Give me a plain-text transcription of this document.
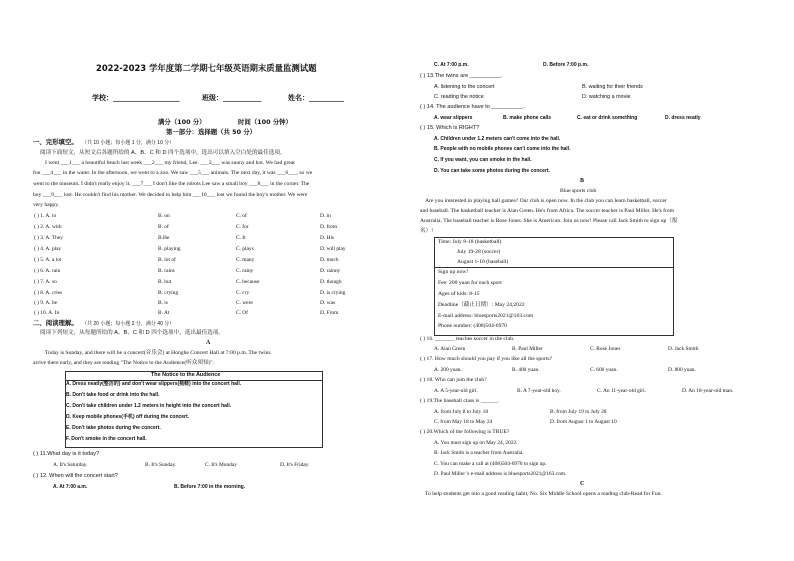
2022-2023 学年度第二学期七年级英语期末质量监测试题
学校：___________________	班级：___________	姓名：__________
满分（100 分）	时间（100 分钟）
第一部分：选择题（共 50 分）
一、完形填空。 （共 10 小题；每小题 1 分，满分 10 分）
阅读下面短文，从短文后各题所给的 A、B、C 和 D 四个选项中，选出可以填入空白处的最佳选项。
I went ___1___ a beautiful beach last week ___2___ my friend, Lee. ___3___ was sunny and hot. We had great
fun ___4___ in the water. In the afternoon, we went to a zoo. We saw ___5___ animals. The next day, it was ___6___, so we
went to the museum. I didn't really enjoy it, ___7___ I don't like the robots Lee saw a small boy ___8___ in the corner. The
boy ___9___ lost. He couldn't find his mother. We decided to help him ___10___ lost we found the boy's mother. We were
very happy.
( ) 1. A. to	B. on	C. of	D. in
( ) 2. A. with	B. of	C. for	D. from
( ) 3. A. They	B.He	C. It	D. His
( ) 4. A. play	B. playing	C. plays	D. will play
( ) 5. A. a lot	B. lot of	C. many	D. much
( ) 6. A. rain	B. rains	C. rainy	D. rainny
( ) 7. A. so	B. but	C. because	D. though
( ) 8. A. cries	B. crying	C. cry	D. is crying
( ) 9. A. be	B. is	C. were	D. was
( ) 10. A. In	B. At	C. Of	D. From
二、阅读理解。 （共 20 小题；每小题 2 分，满分 40 分）
阅读下列短文，从每题所给的 A、B、C 和 D 四个选项中，选出最佳选项。
A
Today is Sunday, and there will be a concert(音乐会) at Honghe Concert Hall at 7:00 p.m. The twins
arrive there early, and they are reading "The Notice to the Audience(听众须知)".
The Notice to the Audience
A. Dress neatly(整洁的) and don't wear slippers(拖鞋) into the concert hall.
B. Don't take food or drink into the hall.
C. Don't take children under 1.2 meters in height into the concert hall.
D. Keep mobile phones(手机) off during the concert.
E. Don't take photos during the concert.
F. Don't smoke in the concert hall.
( ) 11.What day is it today?
A. It's Saturday.	B. It's Sunday.	C. It's Monday	D. It's Friday.
( ) 12. When will the concert start?
A. At 7:00 a.m.	B. Before 7:00 in the morning.
C. At 7:00 p.m.	D. Before 7:00 p.m.
( ) 13.The twins are __________.
A. listening to the concert	B. waiting for their friends
C. reading the notice	D. watching a movie
( ) 14. The audience have to __________.
A. wear slippers	B. make phone calls	C. eat or drink something	D. dress neatly
( ) 15. Which is RIGHT?
A. Children under 1.2 meters can't come into the hall.
B. People with no mobile phones can't come into the hall.
C. If you want, you can smoke in the hall.
D. You can take some photos during the concert.
B
Blue sports club
Are you interested in playing ball games? Our club is open now. In the club you can learn basketball, soccer
and baseball. The basketball teacher is Alan Green. He's from Africa. The soccer teacher is Paul Miller. He's from
Australia. The baseball teacher is Rose Jones. She is American. Join us now! Please call Jack Smith to sign up（报
名）!
Time: July 8-18 (basketball)
July 19-28 (soccer)
August 1-10 (baseball)
Sign up now!
Fee: 200 yuan for each sport
Ages of kids: 8-15
Deadline（截止日期）: May 24,2022
E-mail address: bluesports2021@163.com
Phone number: (408)504-6970
( ) 16. _______ teaches soccer in the club.
A. Alan Green	B. Paul Miller	C. Rose Jones	D. Jack Smith
( ) 17. How much should you pay if you like all the sports?
A. 200 yuan.	B. 400 yuan.	C. 600 yuan.	D. 800 yuan.
( ) 18. Who can join the club?
A. A 5-year-old girl.	B. A 7-year-old boy.	C. An 11-year-old girl.	D. An 18-year-old man.
( ) 19.The baseball class is ______.
A. from July 8 to July 18	B. from July 19 to July 28
C. from May 18 to May 24	D. from August 1 to August 10
( ) 20.Which of the following is TRUE?
A. You must sign up on May 24, 2022.
B. Jack Smith is a teacher from Australia.
C. You can make a call at (408)504-6970 to sign up.
D. Paul Miller 's e-mail address is bluesports2021@163.com.
C
To help students get into a good reading habit, No. Six Middle School opens a reading club-Read for Fun.
